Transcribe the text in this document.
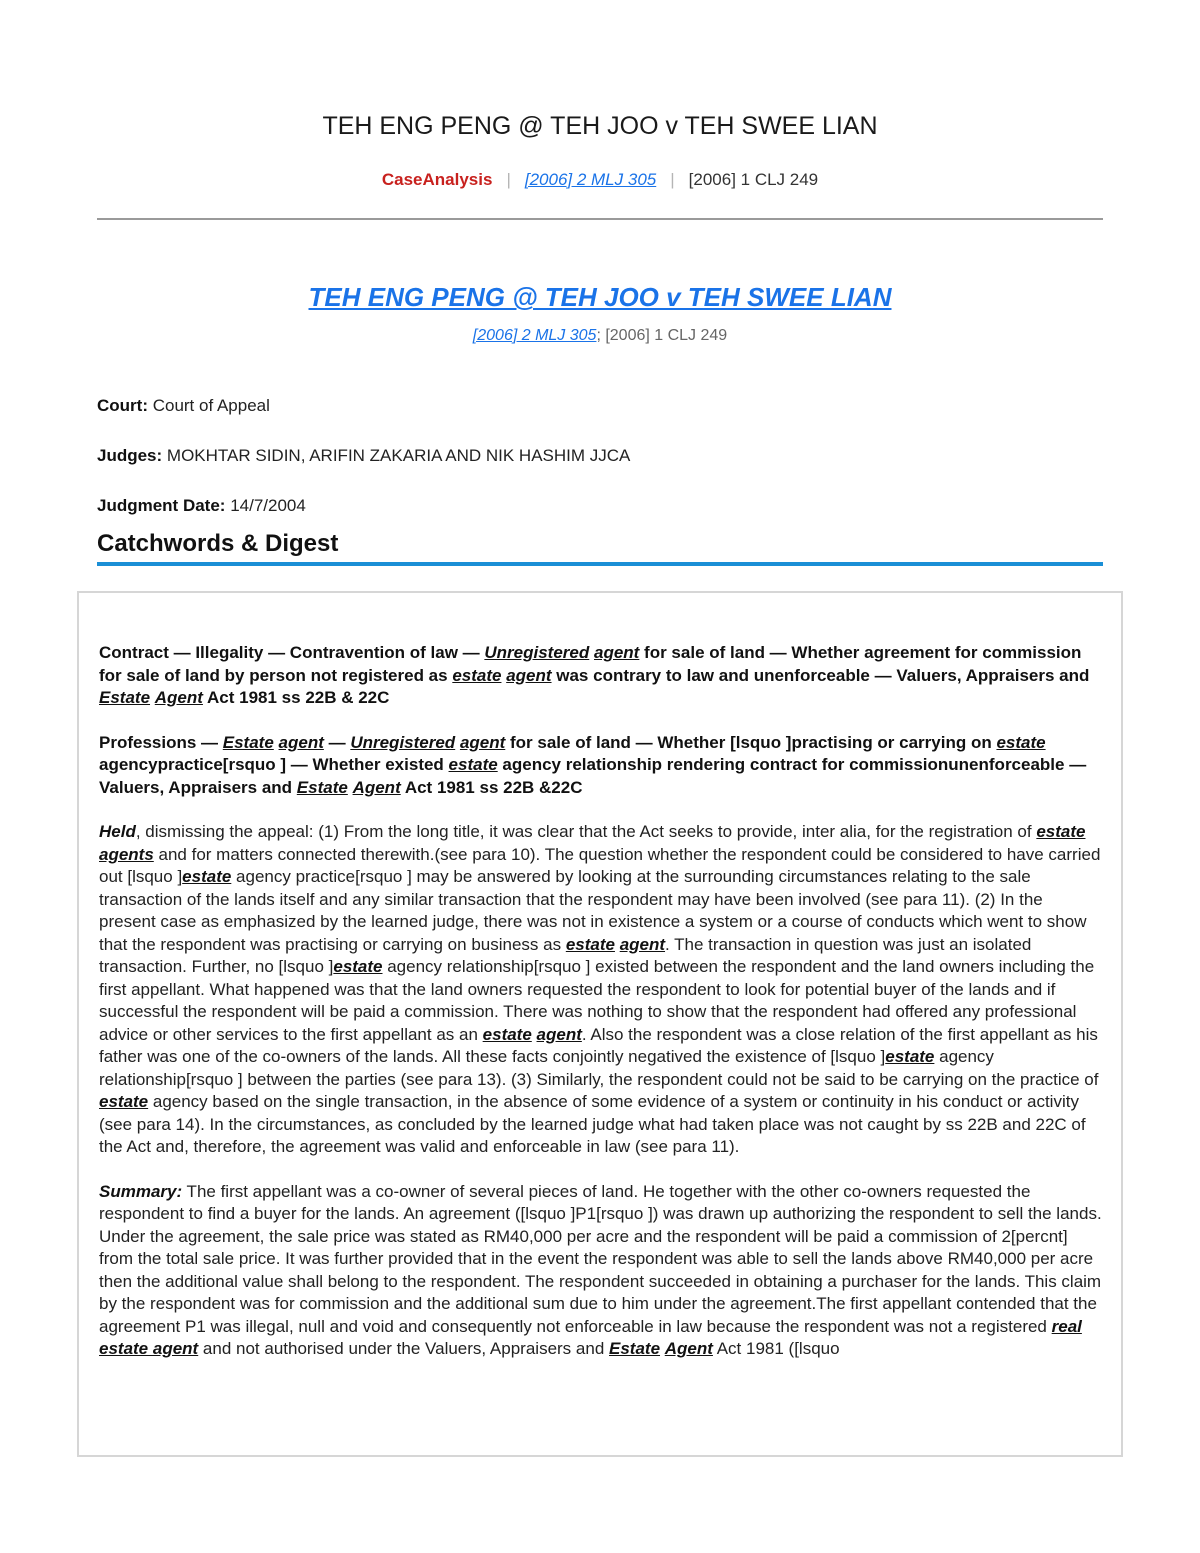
TEH ENG PENG @ TEH JOO v TEH SWEE LIAN
CaseAnalysis | [2006] 2 MLJ 305 | [2006] 1 CLJ 249
TEH ENG PENG @ TEH JOO v TEH SWEE LIAN
[2006] 2 MLJ 305; [2006] 1 CLJ 249
Court: Court of Appeal
Judges: MOKHTAR SIDIN, ARIFIN ZAKARIA AND NIK HASHIM JJCA
Judgment Date: 14/7/2004
Catchwords & Digest

Contract — Illegality — Contravention of law — Unregistered agent for sale of land — Whether agreement for commission for sale of land by person not registered as estate agent was contrary to law and unenforceable — Valuers, Appraisers and Estate Agent Act 1981 ss 22B & 22C

Professions — Estate agent — Unregistered agent for sale of land — Whether [lsquo ]practising or carrying on estate agencypractice[rsquo ] — Whether existed estate agency relationship rendering contract for commissionunenforceable — Valuers, Appraisers and Estate Agent Act 1981 ss 22B &22C

Held, dismissing the appeal: (1) From the long title, it was clear that the Act seeks to provide, inter alia, for the registration of estate agents and for matters connected therewith.(see para 10). The question whether the respondent could be considered to have carried out [lsquo ]estate agency practice[rsquo ] may be answered by looking at the surrounding circumstances relating to the sale transaction of the lands itself and any similar transaction that the respondent may have been involved (see para 11). (2) In the present case as emphasized by the learned judge, there was not in existence a system or a course of conducts which went to show that the respondent was practising or carrying on business as estate agent. The transaction in question was just an isolated transaction. Further, no [lsquo ]estate agency relationship[rsquo ] existed between the respondent and the land owners including the first appellant. What happened was that the land owners requested the respondent to look for potential buyer of the lands and if successful the respondent will be paid a commission. There was nothing to show that the respondent had offered any professional advice or other services to the first appellant as an estate agent. Also the respondent was a close relation of the first appellant as his father was one of the co-owners of the lands. All these facts conjointly negatived the existence of [lsquo ]estate agency relationship[rsquo ] between the parties (see para 13). (3) Similarly, the respondent could not be said to be carrying on the practice of estate agency based on the single transaction, in the absence of some evidence of a system or continuity in his conduct or activity (see para 14). In the circumstances, as concluded by the learned judge what had taken place was not caught by ss 22B and 22C of the Act and, therefore, the agreement was valid and enforceable in law (see para 11).

Summary: The first appellant was a co-owner of several pieces of land. He together with the other co-owners requested the respondent to find a buyer for the lands. An agreement ([lsquo ]P1[rsquo ]) was drawn up authorizing the respondent to sell the lands. Under the agreement, the sale price was stated as RM40,000 per acre and the respondent will be paid a commission of 2[percnt] from the total sale price. It was further provided that in the event the respondent was able to sell the lands above RM40,000 per acre then the additional value shall belong to the respondent. The respondent succeeded in obtaining a purchaser for the lands. This claim by the respondent was for commission and the additional sum due to him under the agreement.The first appellant contended that the agreement P1 was illegal, null and void and consequently not enforceable in law because the respondent was not a registered real estate agent and not authorised under the Valuers, Appraisers and Estate Agent Act 1981 ([lsquo
